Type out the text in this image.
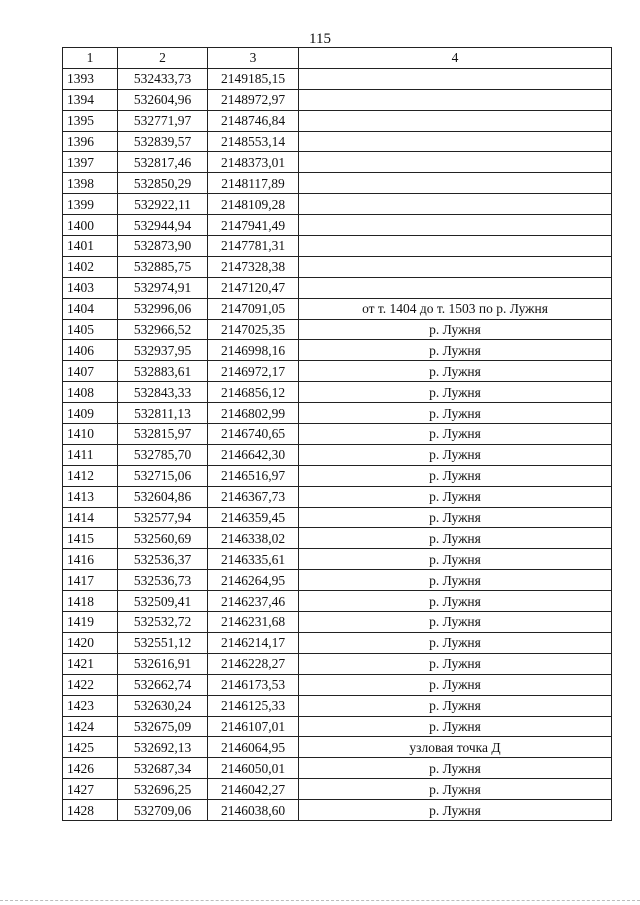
115
1	2	3	4
1393	532433,73	2149185,15	
1394	532604,96	2148972,97	
1395	532771,97	2148746,84	
1396	532839,57	2148553,14	
1397	532817,46	2148373,01	
1398	532850,29	2148117,89	
1399	532922,11	2148109,28	
1400	532944,94	2147941,49	
1401	532873,90	2147781,31	
1402	532885,75	2147328,38	
1403	532974,91	2147120,47	
1404	532996,06	2147091,05	от т. 1404 до т. 1503 по р. Лужня
1405	532966,52	2147025,35	р. Лужня
1406	532937,95	2146998,16	р. Лужня
1407	532883,61	2146972,17	р. Лужня
1408	532843,33	2146856,12	р. Лужня
1409	532811,13	2146802,99	р. Лужня
1410	532815,97	2146740,65	р. Лужня
1411	532785,70	2146642,30	р. Лужня
1412	532715,06	2146516,97	р. Лужня
1413	532604,86	2146367,73	р. Лужня
1414	532577,94	2146359,45	р. Лужня
1415	532560,69	2146338,02	р. Лужня
1416	532536,37	2146335,61	р. Лужня
1417	532536,73	2146264,95	р. Лужня
1418	532509,41	2146237,46	р. Лужня
1419	532532,72	2146231,68	р. Лужня
1420	532551,12	2146214,17	р. Лужня
1421	532616,91	2146228,27	р. Лужня
1422	532662,74	2146173,53	р. Лужня
1423	532630,24	2146125,33	р. Лужня
1424	532675,09	2146107,01	р. Лужня
1425	532692,13	2146064,95	узловая точка Д
1426	532687,34	2146050,01	р. Лужня
1427	532696,25	2146042,27	р. Лужня
1428	532709,06	2146038,60	р. Лужня
